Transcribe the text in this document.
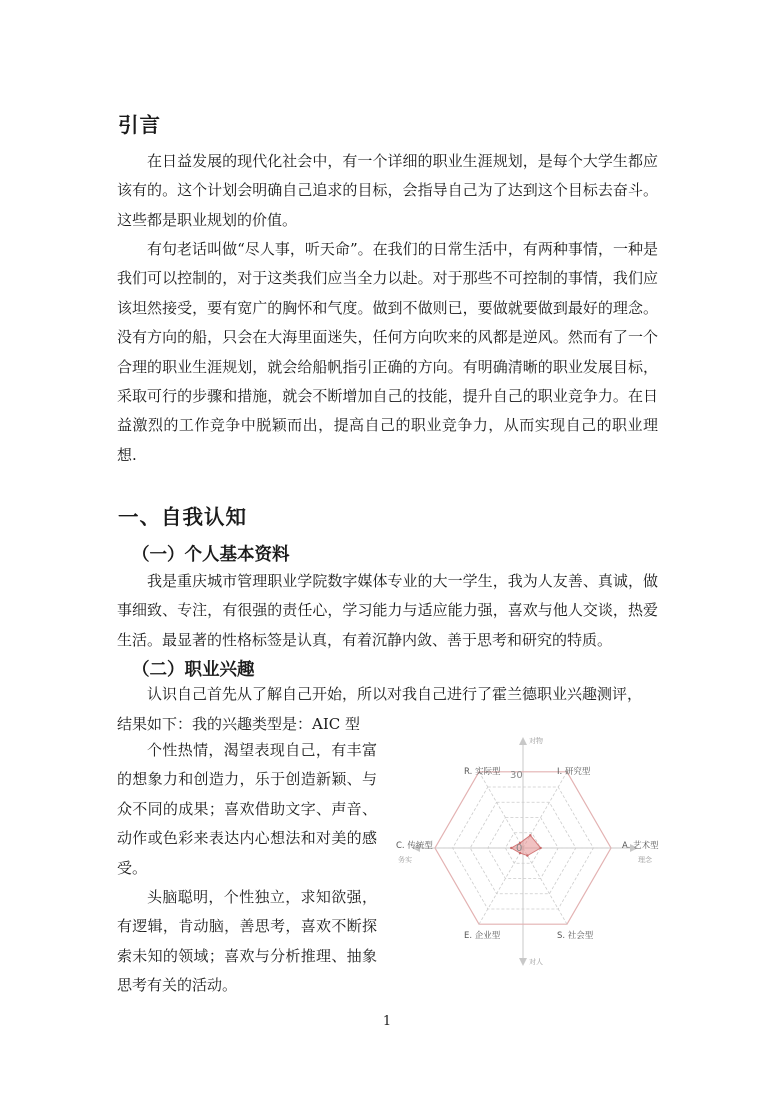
引言

在日益发展的现代化社会中，有一个详细的职业生涯规划，是每个大学生都应该有的。这个计划会明确自己追求的目标，会指导自己为了达到这个目标去奋斗。这些都是职业规划的价值。

有句老话叫做“尽人事，听天命”。在我们的日常生活中，有两种事情，一种是我们可以控制的，对于这类我们应当全力以赴。对于那些不可控制的事情，我们应该坦然接受，要有宽广的胸怀和气度。做到不做则已，要做就要做到最好的理念。没有方向的船，只会在大海里面迷失，任何方向吹来的风都是逆风。然而有了一个合理的职业生涯规划，就会给船帆指引正确的方向。有明确清晰的职业发展目标，采取可行的步骤和措施，就会不断增加自己的技能，提升自己的职业竞争力。在日益激烈的工作竞争中脱颖而出，提高自己的职业竞争力，从而实现自己的职业理想.

一、自我认知
（一）个人基本资料

我是重庆城市管理职业学院数字媒体专业的大一学生，我为人友善、真诚，做事细致、专注，有很强的责任心，学习能力与适应能力强，喜欢与他人交谈，热爱生活。最显著的性格标签是认真，有着沉静内敛、善于思考和研究的特质。

（二）职业兴趣

认识自己首先从了解自己开始，所以对我自己进行了霍兰德职业兴趣测评，

结果如下：我的兴趣类型是：AIC 型

个性热情，渴望表现自己，有丰富的想象力和创造力，乐于创造新颖、与众不同的成果；喜欢借助文字、声音、动作或色彩来表达内心想法和对美的感受。

头脑聪明，个性独立，求知欲强，有逻辑，肯动脑，善思考，喜欢不断探索未知的领域；喜欢与分析推理、抽象思考有关的活动。

对物
对人
务实	理念
30
0
R. 实际型	I. 研究型
A. 艺术型
S. 社会型
E. 企业型
C. 传统型
1
